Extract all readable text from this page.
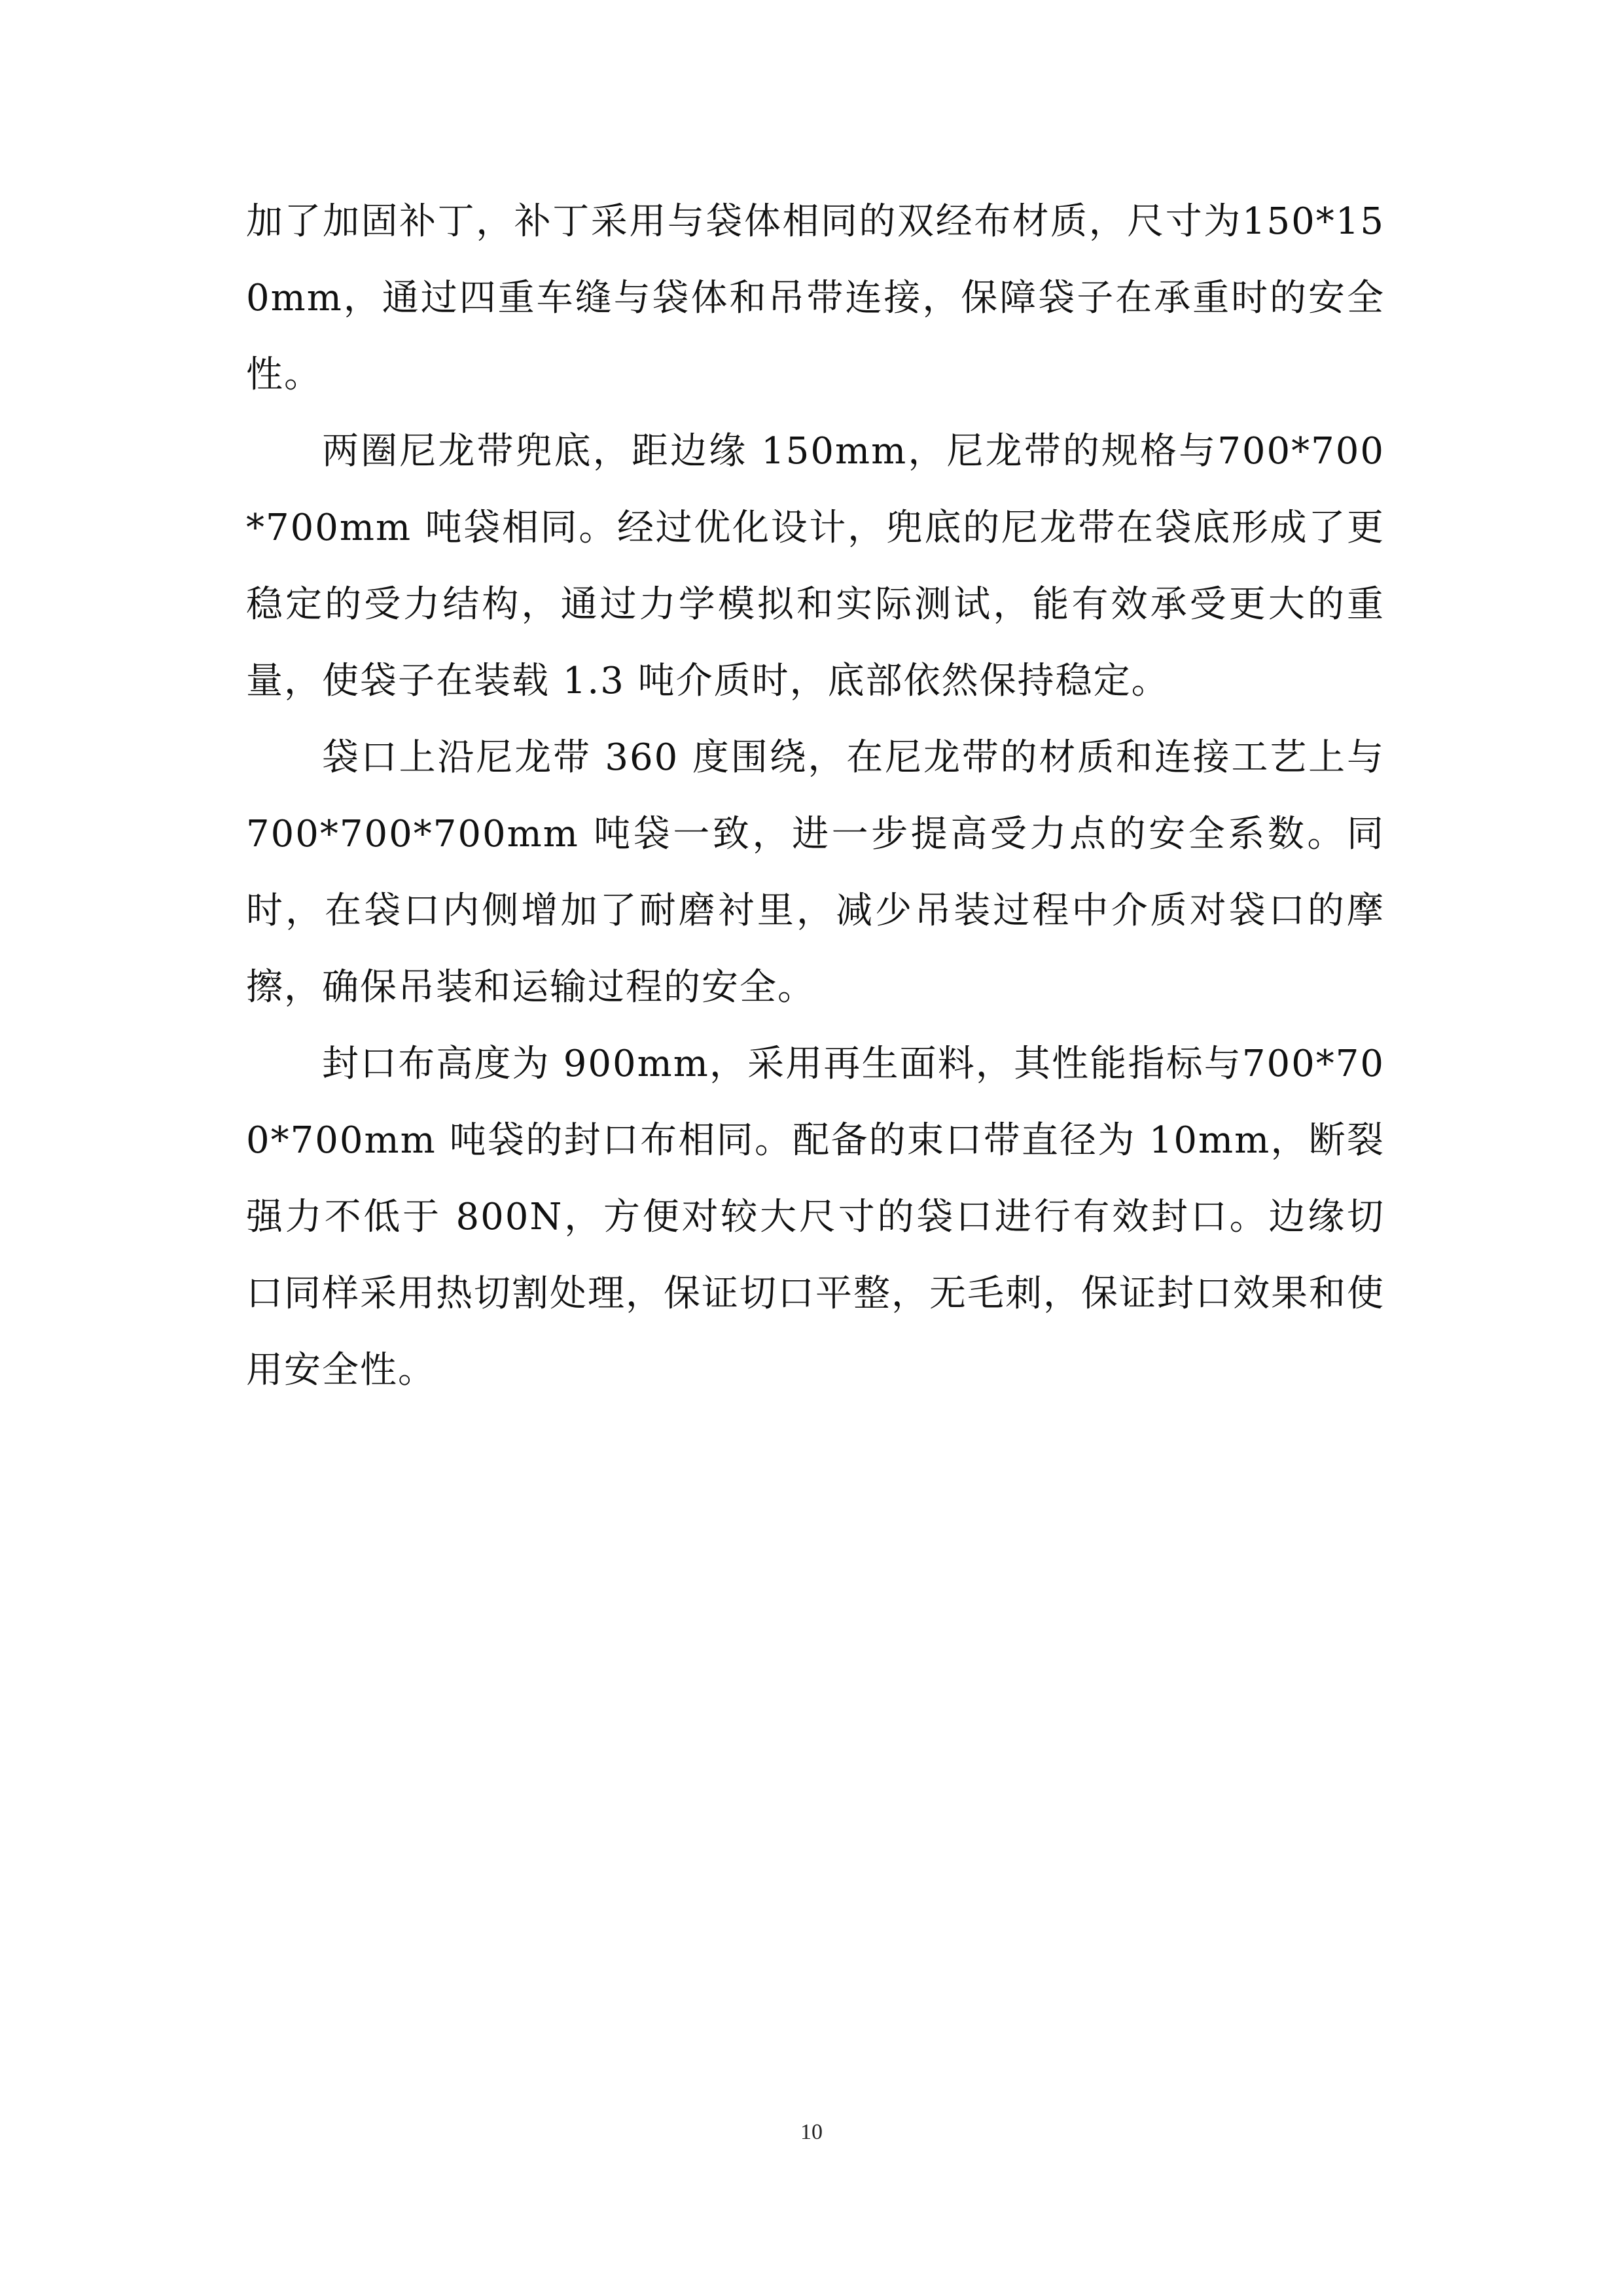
加了加固补丁，补丁采用与袋体相同的双经布材质，尺寸为150*150mm，通过四重车缝与袋体和吊带连接，保障袋子在承重时的安全性。

两圈尼龙带兜底，距边缘 150mm，尼龙带的规格与700*700*700mm 吨袋相同。经过优化设计，兜底的尼龙带在袋底形成了更稳定的受力结构，通过力学模拟和实际测试，能有效承受更大的重量，使袋子在装载 1.3 吨介质时，底部依然保持稳定。

袋口上沿尼龙带 360 度围绕，在尼龙带的材质和连接工艺上与700*700*700mm 吨袋一致，进一步提高受力点的安全系数。同时，在袋口内侧增加了耐磨衬里，减少吊装过程中介质对袋口的摩擦，确保吊装和运输过程的安全。

封口布高度为 900mm，采用再生面料，其性能指标与700*700*700mm 吨袋的封口布相同。配备的束口带直径为 10mm，断裂强力不低于 800N，方便对较大尺寸的袋口进行有效封口。边缘切口同样采用热切割处理，保证切口平整，无毛刺，保证封口效果和使用安全性。

10
